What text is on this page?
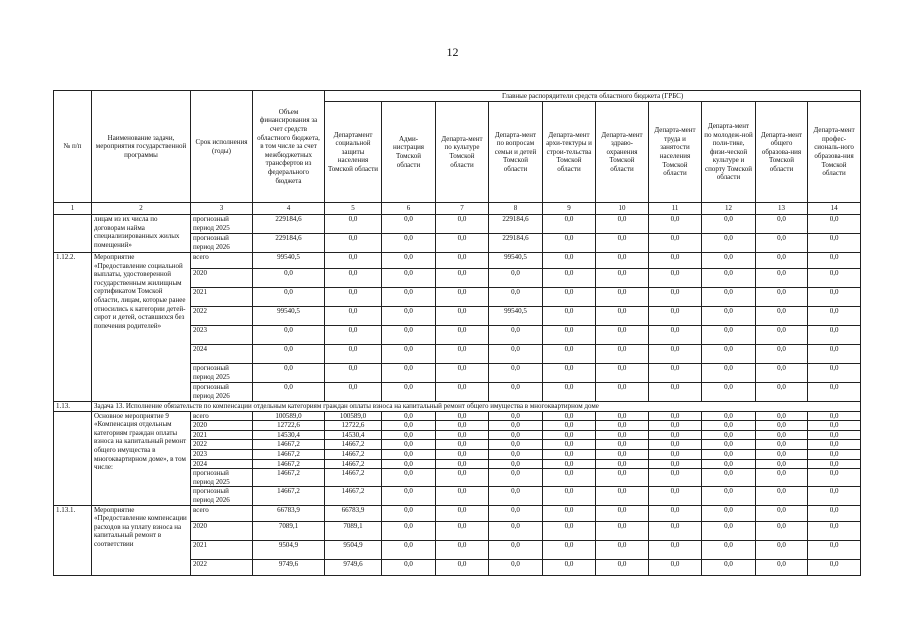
12
№ п/п	Наименование задачи, мероприятия государственной программы	Срок исполнения (годы)	Объем финансирования за счет средств областного бюджета, в том числе за счет межбюджетных трансфертов из федерального бюджета	Главные распорядители средств областного бюджета (ГРБС)									
				Департамент социальной защиты населения Томской области	Адми-нистрация Томской области	Департа-мент по культуре Томской области	Департа-мент по вопросам семьи и детей Томской области	Департа-мент архи-тектуры и строи-тельства Томской области	Департа-мент здраво-охранения Томской области	Департа-мент труда и занятости населения Томской области	Департа-мент по молодеж-ной поли-тике, физи-ческой культуре и спорту Томской области	Департа-мент общего образова-ния Томской области	Департа-мент профес-сиональ-ного образова-ния Томской области
1	2	3	4	5	6	7	8	9	10	11	12	13	14
	лицам из их числа по договорам найма специализированных жилых помещений»	прогнозный период 2025	229184,6	0,0	0,0	0,0	229184,6	0,0	0,0	0,0	0,0	0,0	0,0
		прогнозный период 2026	229184,6	0,0	0,0	0,0	229184,6	0,0	0,0	0,0	0,0	0,0	0,0
1.12.2.	Мероприятие «Предоставление социальной выплаты, удостоверенной государственным жилищным сертификатом Томской области, лицам, которые ранее относились к категории детей-сирот и детей, оставшихся без попечения родителей»	всего	99540,5	0,0	0,0	0,0	99540,5	0,0	0,0	0,0	0,0	0,0	0,0
		2020	0,0	0,0	0,0	0,0	0,0	0,0	0,0	0,0	0,0	0,0	0,0
		2021	0,0	0,0	0,0	0,0	0,0	0,0	0,0	0,0	0,0	0,0	0,0
		2022	99540,5	0,0	0,0	0,0	99540,5	0,0	0,0	0,0	0,0	0,0	0,0
		2023	0,0	0,0	0,0	0,0	0,0	0,0	0,0	0,0	0,0	0,0	0,0
		2024	0,0	0,0	0,0	0,0	0,0	0,0	0,0	0,0	0,0	0,0	0,0
		прогнозный период 2025	0,0	0,0	0,0	0,0	0,0	0,0	0,0	0,0	0,0	0,0	0,0
		прогнозный период 2026	0,0	0,0	0,0	0,0	0,0	0,0	0,0	0,0	0,0	0,0	0,0
1.13.	Задача 13. Исполнение обязательств по компенсации отдельным категориям граждан оплаты взноса на капитальный ремонт общего имущества в многоквартирном доме												
	Основное мероприятие 9 «Компенсация отдельным категориям граждан оплаты взноса на капитальный ремонт общего имущества в многоквартирном доме», в том числе:	всего	100589,0	100589,0	0,0	0,0	0,0	0,0	0,0	0,0	0,0	0,0	0,0
		2020	12722,6	12722,6	0,0	0,0	0,0	0,0	0,0	0,0	0,0	0,0	0,0
		2021	14530,4	14530,4	0,0	0,0	0,0	0,0	0,0	0,0	0,0	0,0	0,0
		2022	14667,2	14667,2	0,0	0,0	0,0	0,0	0,0	0,0	0,0	0,0	0,0
		2023	14667,2	14667,2	0,0	0,0	0,0	0,0	0,0	0,0	0,0	0,0	0,0
		2024	14667,2	14667,2	0,0	0,0	0,0	0,0	0,0	0,0	0,0	0,0	0,0
		прогнозный период 2025	14667,2	14667,2	0,0	0,0	0,0	0,0	0,0	0,0	0,0	0,0	0,0
		прогнозный период 2026	14667,2	14667,2	0,0	0,0	0,0	0,0	0,0	0,0	0,0	0,0	0,0
1.13.1.	Мероприятие «Предоставление компенсации расходов на уплату взноса на капитальный ремонт в соответствии	всего	66783,9	66783,9	0,0	0,0	0,0	0,0	0,0	0,0	0,0	0,0	0,0
		2020	7089,1	7089,1	0,0	0,0	0,0	0,0	0,0	0,0	0,0	0,0	0,0
		2021	9504,9	9504,9	0,0	0,0	0,0	0,0	0,0	0,0	0,0	0,0	0,0
		2022	9749,6	9749,6	0,0	0,0	0,0	0,0	0,0	0,0	0,0	0,0	0,0
